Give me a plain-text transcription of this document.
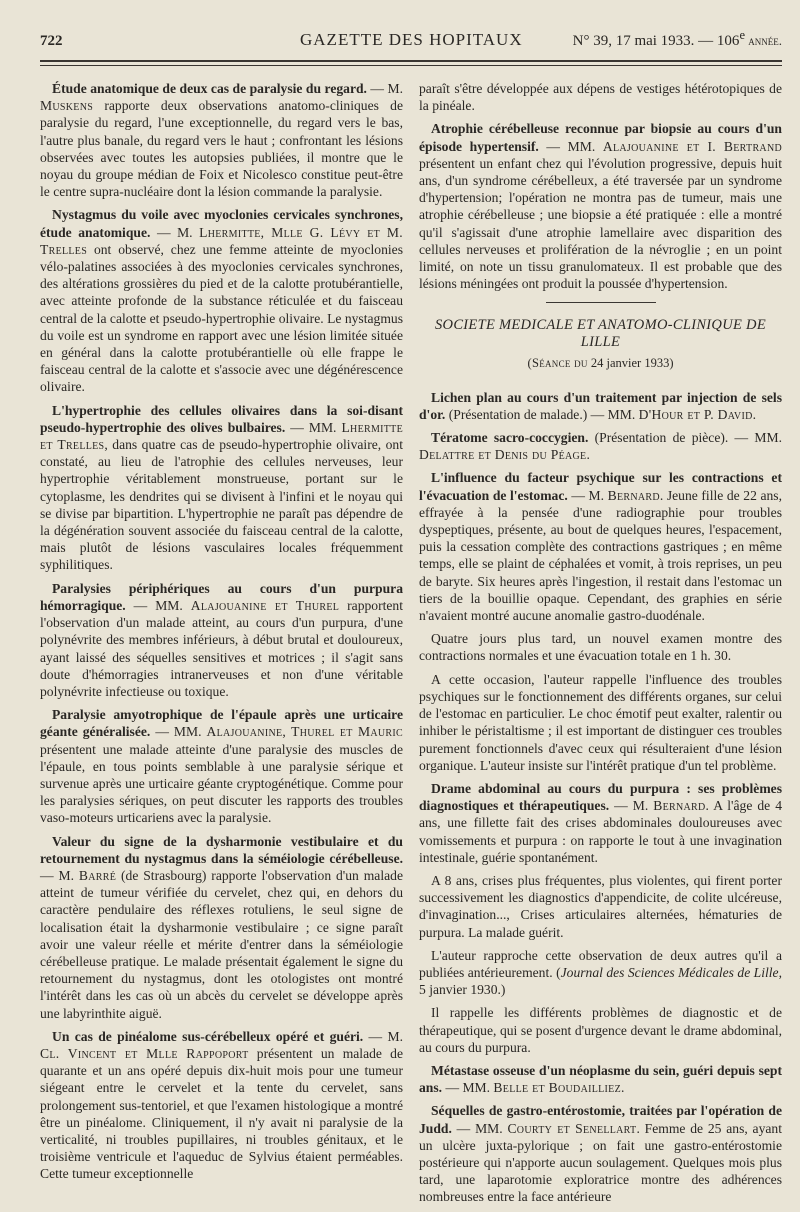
722	GAZETTE DES HOPITAUX	N° 39, 17 mai 1933. — 106e année.

Étude anatomique de deux cas de paralysie du regard. — M. Muskens rapporte deux observations anatomo-cliniques de paralysie du regard, l'une exceptionnelle, du regard vers le bas, l'autre plus banale, du regard vers le haut ; confrontant les lésions observées avec toutes les autopsies publiées, il montre que le noyau du groupe médian de Foix et Nicolesco constitue peut-être le centre supra-nucléaire dont la lésion commande la paralysie.

Nystagmus du voile avec myoclonies cervicales synchrones, étude anatomique. — M. Lhermitte, Mlle G. Lévy et M. Trelles ont observé, chez une femme atteinte de myoclonies vélo-palatines associées à des myoclonies cervicales synchrones, des altérations grossières du pied et de la calotte protubérantielle, avec atteinte profonde de la substance réticulée et du faisceau central de la calotte et pseudo-hypertrophie olivaire. Le nystagmus du voile est un syndrome en rapport avec une lésion limitée située en général dans la calotte protubérantielle où elle frappe le faisceau central de la calotte et s'associe avec une dégénérescence olivaire.

L'hypertrophie des cellules olivaires dans la soi-disant pseudo-hypertrophie des olives bulbaires. — MM. Lhermitte et Trelles, dans quatre cas de pseudo-hypertrophie olivaire, ont constaté, au lieu de l'atrophie des cellules nerveuses, leur hypertrophie véritablement monstrueuse, portant sur le cytoplasme, les dendrites qui se divisent à l'infini et le noyau qui se divise par bipartition. L'hypertrophie ne paraît pas dépendre de la dégénération souvent associée du faisceau central de la calotte, mais plutôt de lésions vasculaires locales fréquemment syphilitiques.

Paralysies périphériques au cours d'un purpura hémorragique. — MM. Alajouanine et Thurel rapportent l'observation d'un malade atteint, au cours d'un purpura, d'une polynévrite des membres inférieurs, à début brutal et douloureux, ayant laissé des séquelles sensitives et motrices ; il s'agit sans doute d'hémorragies intranerveuses et non d'une véritable polynévrite infectieuse ou toxique.

Paralysie amyotrophique de l'épaule après une urticaire géante généralisée. — MM. Alajouanine, Thurel et Mauric présentent une malade atteinte d'une paralysie des muscles de l'épaule, en tous points semblable à une paralysie sérique et survenue après une urticaire géante cryptogénétique. Comme pour les paralysies sériques, on peut discuter les rapports des troubles vaso-moteurs urticariens avec la paralysie.

Valeur du signe de la dysharmonie vestibulaire et du retournement du nystagmus dans la séméiologie cérébelleuse. — M. Barré (de Strasbourg) rapporte l'observation d'un malade atteint de tumeur vérifiée du cervelet, chez qui, en dehors du caractère pendulaire des réflexes rotuliens, le seul signe de localisation était la dysharmonie vestibulaire ; ce signe paraît avoir une valeur réelle et mérite d'entrer dans la séméiologie cérébelleuse pratique. Le malade présentait également le signe du retournement du nystagmus, dont les otologistes ont montré l'intérêt dans les cas où un abcès du cervelet se développe après une labyrinthite aiguë.

Un cas de pinéalome sus-cérébelleux opéré et guéri. — M. Cl. Vincent et Mlle Rappoport présentent un malade de quarante et un ans opéré depuis dix-huit mois pour une tumeur siégeant entre le cervelet et la tente du cervelet, sans prolongement sus-tentoriel, et que l'examen histologique a montré être un pinéalome. Cliniquement, il n'y avait ni paralysie de la verticalité, ni troubles pupillaires, ni troubles génitaux, et le troisième ventricule et l'aqueduc de Sylvius étaient perméables. Cette tumeur exceptionnelle

paraît s'être développée aux dépens de vestiges hétérotopiques de la pinéale.

Atrophie cérébelleuse reconnue par biopsie au cours d'un épisode hypertensif. — MM. Alajouanine et I. Bertrand présentent un enfant chez qui l'évolution progressive, depuis huit ans, d'un syndrome cérébelleux, a été traversée par un syndrome d'hypertension; l'opération ne montra pas de tumeur, mais une atrophie cérébelleuse ; une biopsie a été pratiquée : elle a montré qu'il s'agissait d'une atrophie lamellaire avec disparition des cellules nerveuses et prolifération de la névroglie ; en un point limité, on note un tissu granulomateux. Il est probable que des lésions méningées ont produit la poussée d'hypertension.

SOCIETE MEDICALE ET ANATOMO-CLINIQUE DE LILLE
(Séance du 24 janvier 1933)

Lichen plan au cours d'un traitement par injection de sels d'or. (Présentation de malade.) — MM. D'Hour et P. David.

Tératome sacro-coccygien. (Présentation de pièce). — MM. Delattre et Denis du Péage.

L'influence du facteur psychique sur les contractions et l'évacuation de l'estomac. — M. Bernard. Jeune fille de 22 ans, effrayée à la pensée d'une radiographie pour troubles dyspeptiques, présente, au bout de quelques heures, l'espacement, puis la cessation complète des contractions gastriques ; en même temps, elle se plaint de céphalées et vomit, à trois reprises, un peu de baryte. Six heures après l'ingestion, il restait dans l'estomac un tiers de la bouillie opaque. Cependant, des graphies en série n'avaient montré aucune anomalie gastro-duodénale.

Quatre jours plus tard, un nouvel examen montre des contractions normales et une évacuation totale en 1 h. 30.

A cette occasion, l'auteur rappelle l'influence des troubles psychiques sur le fonctionnement des différents organes, sur celui de l'estomac en particulier. Le choc émotif peut exalter, ralentir ou inhiber le péristaltisme ; il est important de distinguer ces troubles purement fonctionnels d'avec ceux qui résulteraient d'une lésion organique. L'auteur insiste sur l'intérêt pratique d'un tel problème.

Drame abdominal au cours du purpura : ses problèmes diagnostiques et thérapeutiques. — M. Bernard. A l'âge de 4 ans, une fillette fait des crises abdominales douloureuses avec vomissements et purpura : on rapporte le tout à une invagination intestinale, guérie spontanément.

A 8 ans, crises plus fréquentes, plus violentes, qui firent porter successivement les diagnostics d'appendicite, de colite ulcéreuse, d'invagination..., Crises articulaires alternées, hématuries de purpura. La malade guérit.

L'auteur rapproche cette observation de deux autres qu'il a publiées antérieurement. (Journal des Sciences Médicales de Lille, 5 janvier 1930.)

Il rappelle les différents problèmes de diagnostic et de thérapeutique, qui se posent d'urgence devant le drame abdominal, au cours du purpura.

Métastase osseuse d'un néoplasme du sein, guéri depuis sept ans. — MM. Belle et Boudailliez.

Séquelles de gastro-entérostomie, traitées par l'opération de Judd. — MM. Courty et Senellart. Femme de 25 ans, ayant un ulcère juxta-pylorique ; on fait une gastro-entérostomie postérieure qui n'apporte aucun soulagement. Quelques mois plus tard, une laparotomie exploratrice montre des adhérences nombreuses entre la face antérieure
